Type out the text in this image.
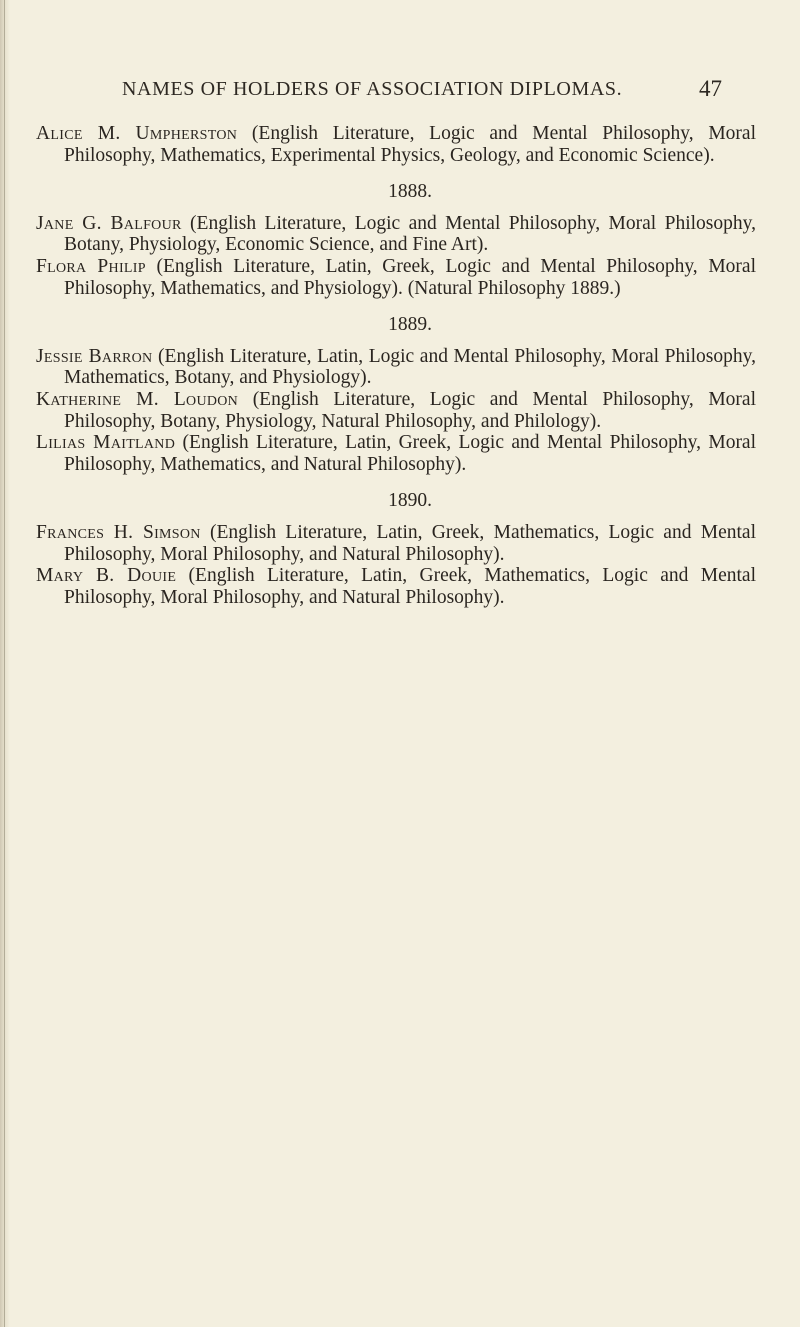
NAMES OF HOLDERS OF ASSOCIATION DIPLOMAS.	47

Alice M. Umpherston (English Literature, Logic and Mental Philosophy, Moral Philosophy, Mathematics, Experimental Physics, Geology, and Economic Science).

1888.

Jane G. Balfour (English Literature, Logic and Mental Philosophy, Moral Philosophy, Botany, Physiology, Economic Science, and Fine Art).

Flora Philip (English Literature, Latin, Greek, Logic and Mental Philosophy, Moral Philosophy, Mathematics, and Physiology). (Natural Philosophy 1889.)

1889.

Jessie Barron (English Literature, Latin, Logic and Mental Philosophy, Moral Philosophy, Mathematics, Botany, and Physiology).

Katherine M. Loudon (English Literature, Logic and Mental Philosophy, Moral Philosophy, Botany, Physiology, Natural Philosophy, and Philology).

Lilias Maitland (English Literature, Latin, Greek, Logic and Mental Philosophy, Moral Philosophy, Mathematics, and Natural Philosophy).

1890.

Frances H. Simson (English Literature, Latin, Greek, Mathematics, Logic and Mental Philosophy, Moral Philosophy, and Natural Philosophy).

Mary B. Douie (English Literature, Latin, Greek, Mathematics, Logic and Mental Philosophy, Moral Philosophy, and Natural Philosophy).
